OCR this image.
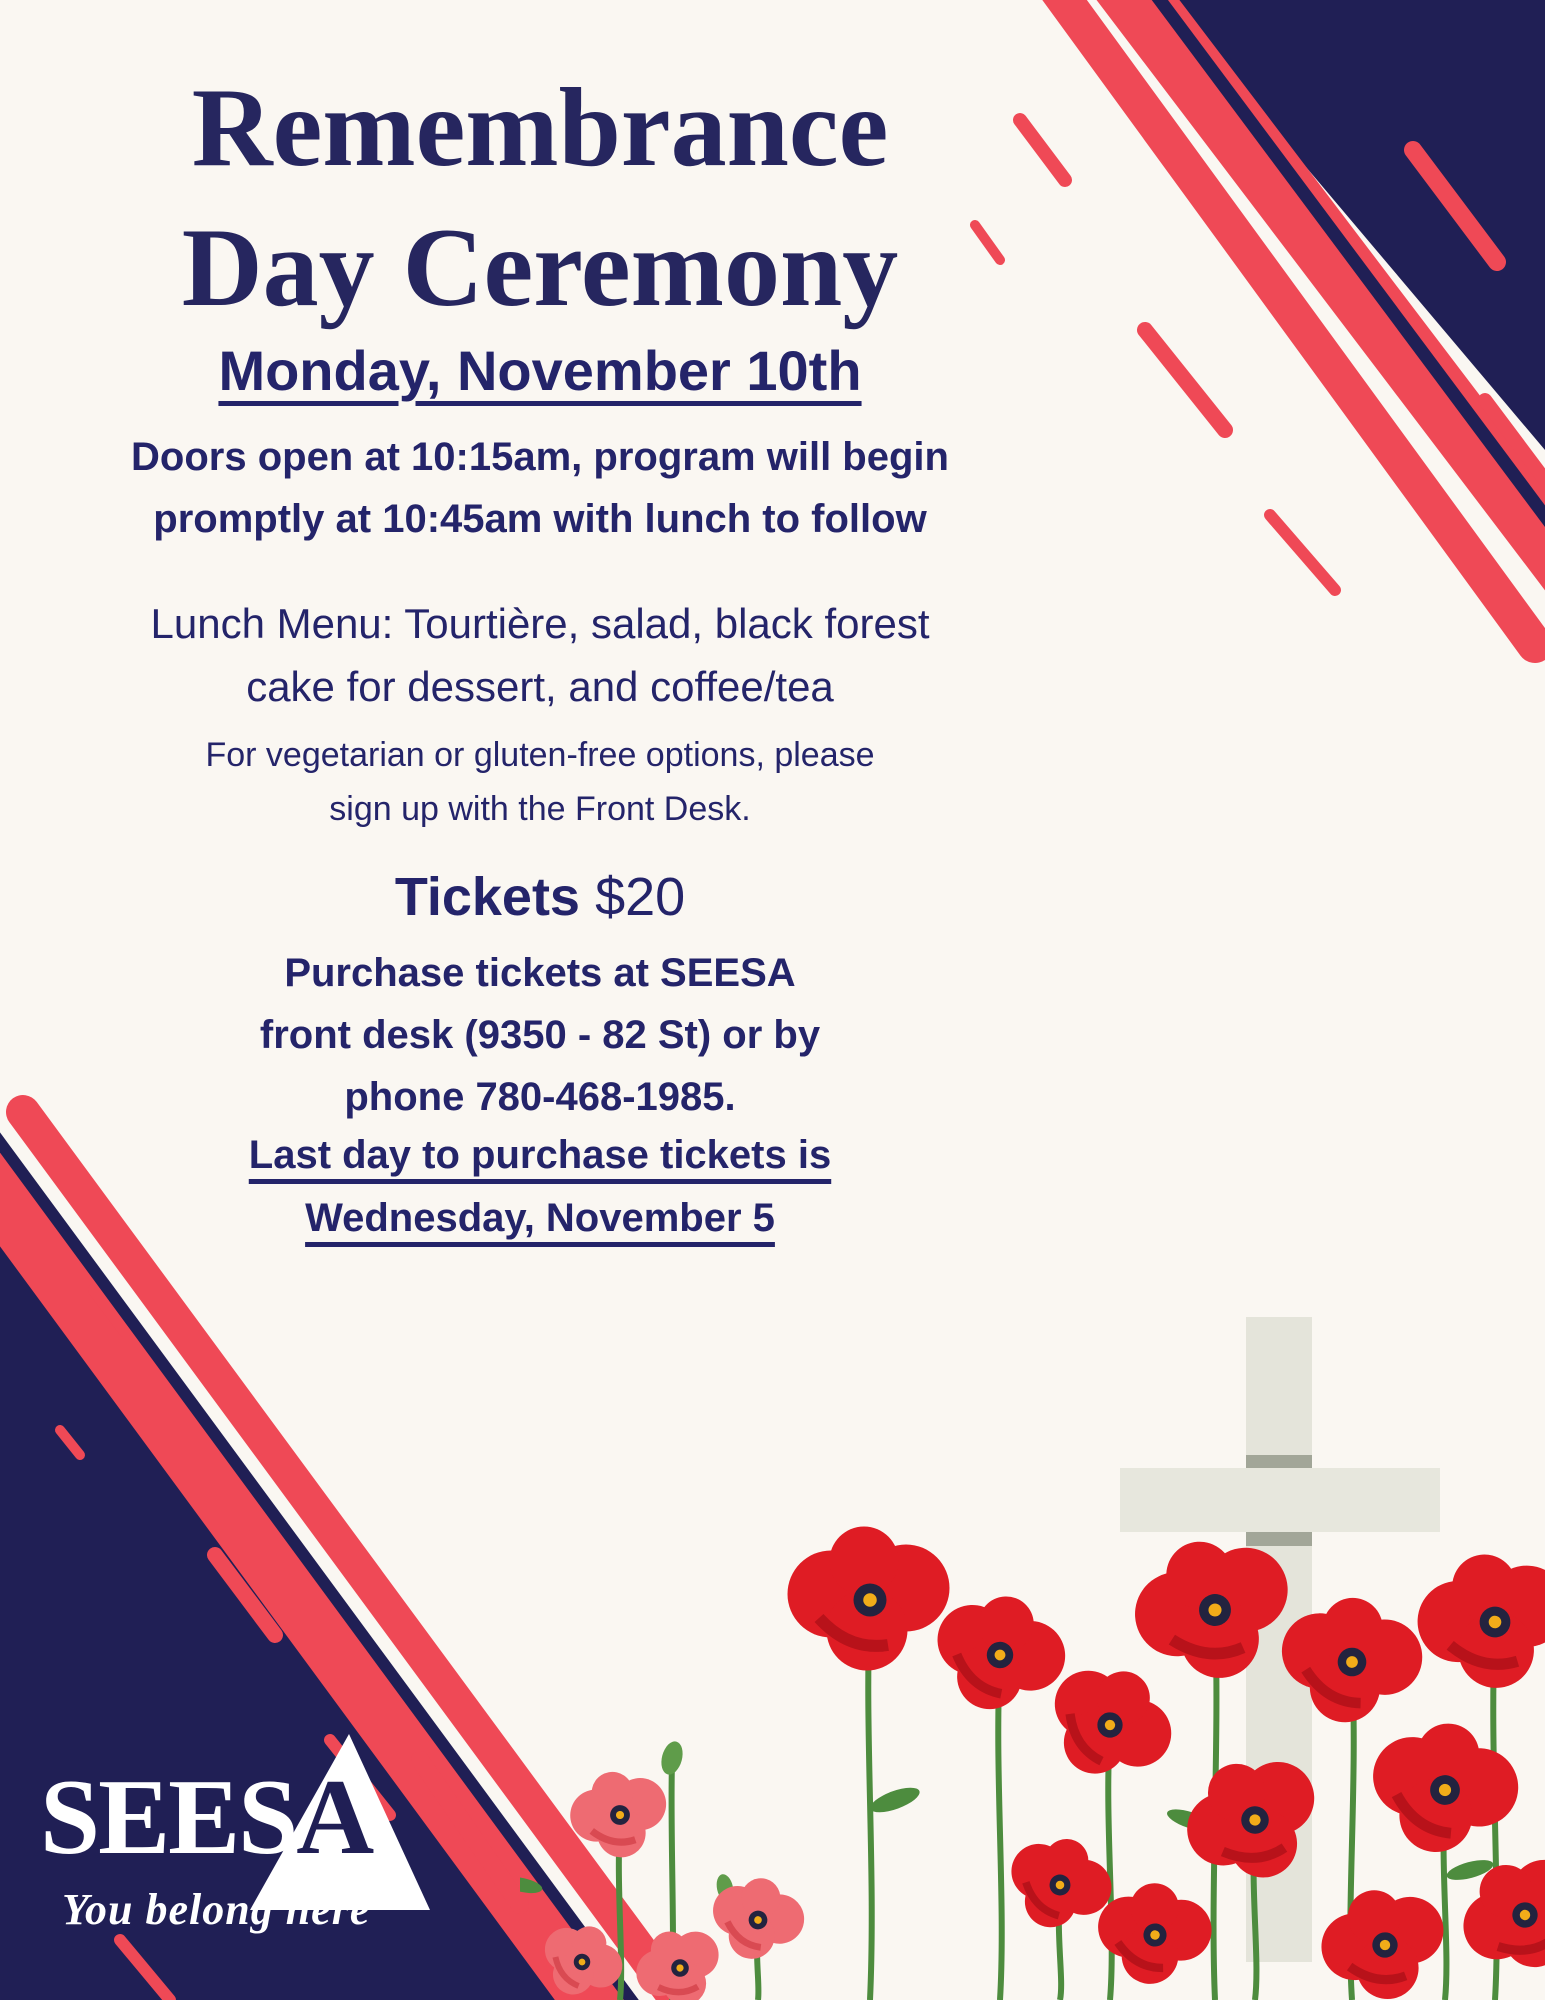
Remembrance
Day Ceremony
Monday, November 10th
Doors open at 10:15am, program will begin
promptly at 10:45am with lunch to follow
Lunch Menu: Tourtière, salad, black forest
cake for dessert, and coffee/tea
For vegetarian or gluten-free options, please
sign up with the Front Desk.
Tickets $20
Purchase tickets at SEESA
front desk (9350 - 82 St) or by
phone 780-468-1985.
Last day to purchase tickets is
Wednesday, November 5
SEESA
You belong here
